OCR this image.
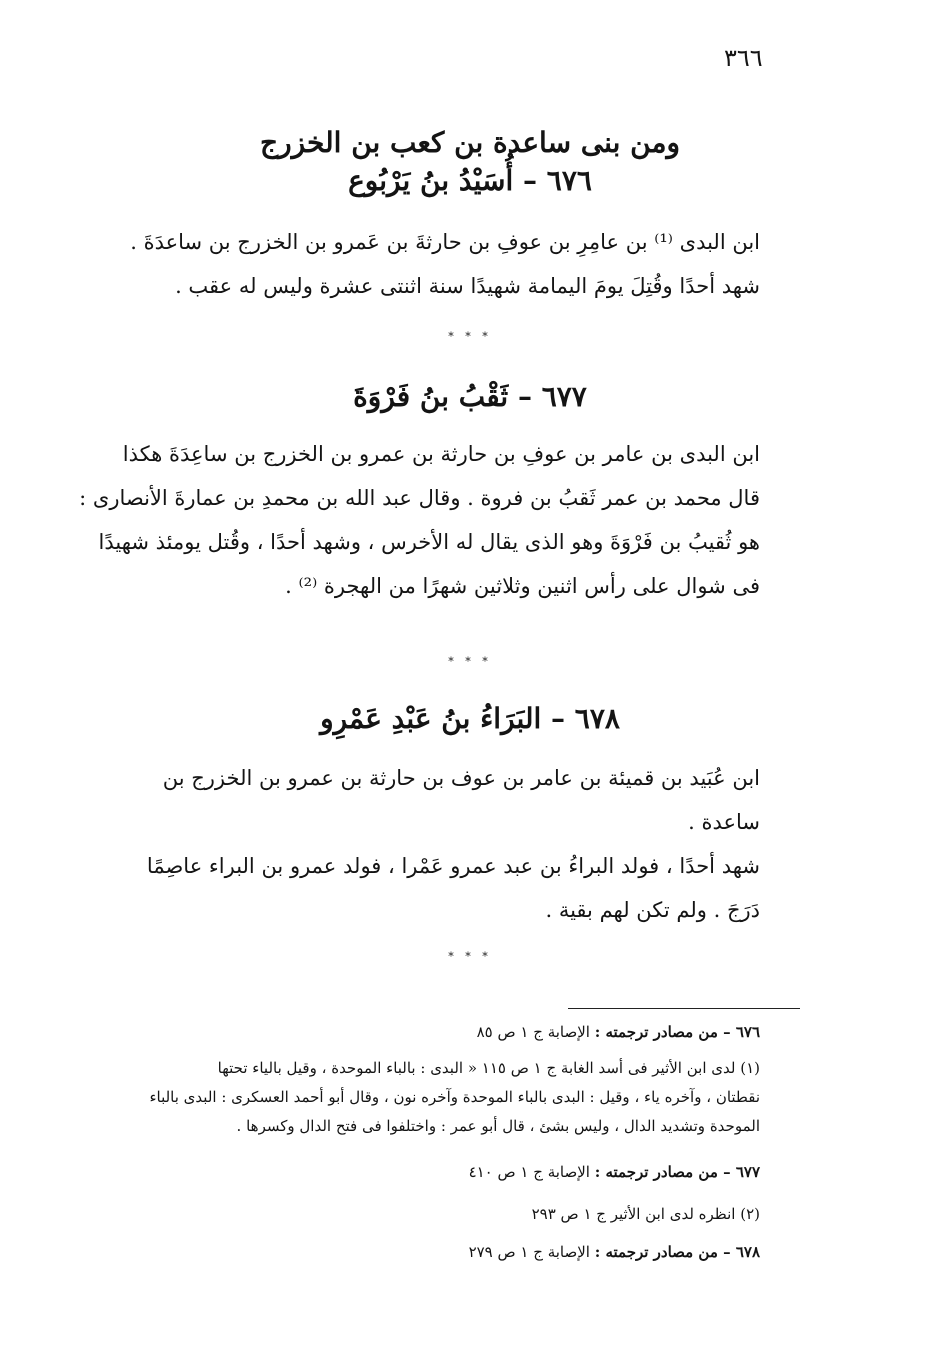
٣٦٦
ومن بنى ساعدة بن كعب بن الخزرج
٦٧٦ – أُسَيْدُ بنُ يَرْبُوع
ابن البدى ⁽¹⁾ بن عامِرِ بن عوفِ بن حارثةَ بن عَمرو بن الخزرج بن ساعدَةَ .
شهد أحدًا وقُتِلَ يومَ اليمامة شهيدًا سنة اثنتى عشرة وليس له عقب .
* * *
٦٧٧ – ثَقْبُ بنُ فَرْوَةَ
ابن البدى بن عامر بن عوفِ بن حارثة بن عمرو بن الخزرج بن ساعِدَةَ هكذا
قال محمد بن عمر ثَقبُ بن فروة . وقال عبد الله بن محمدِ بن عمارةَ الأنصارى :
هو ثُقيبُ بن فَرْوَةَ وهو الذى يقال له الأخرس ، وشهد أحدًا ، وقُتل يومئذ شهيدًا
فى شوال على رأس اثنين وثلاثين شهرًا من الهجرة ⁽²⁾ .
* * *
٦٧٨ – البَرَاءُ بنُ عَبْدِ عَمْرِو
ابن عُبَيد بن قميئة بن عامر بن عوف بن حارثة بن عمرو بن الخزرج بن
ساعدة .
شهد أحدًا ، فولد البراءُ بن عبد عمرو عَمْرا ، فولد عمرو بن البراء عاصِمًا
دَرَجَ . ولم تكن لهم بقية .
* * *
٦٧٦ – من مصادر ترجمته : الإصابة ج ١ ص ٨٥
(١) لدى ابن الأثير فى أسد الغابة ج ١ ص ١١٥ « البدى : بالباء الموحدة ، وقيل بالياء تحتها
نقطتان ، وآخره ياء ، وقيل : البدى بالباء الموحدة وآخره نون ، وقال أبو أحمد العسكرى : البدى بالباء
الموحدة وتشديد الدال ، وليس بشئ ، قال أبو عمر : واختلفوا فى فتح الدال وكسرها .
٦٧٧ – من مصادر ترجمته : الإصابة ج ١ ص ٤١٠
(٢) انظره لدى ابن الأثير ج ١ ص ٢٩٣
٦٧٨ – من مصادر ترجمته : الإصابة ج ١ ص ٢٧٩
